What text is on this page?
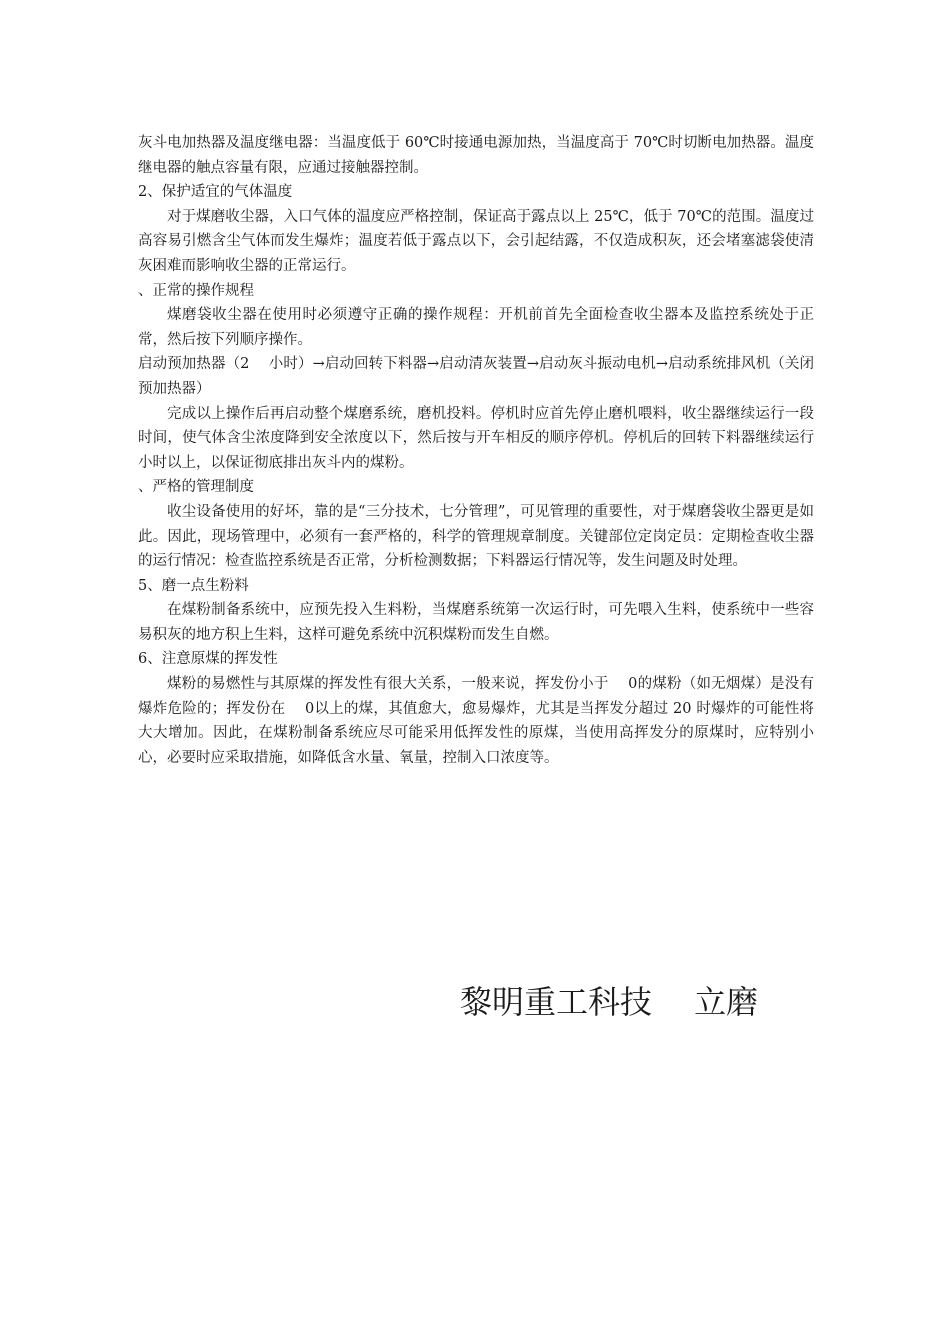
灰斗电加热器及温度继电器：当温度低于 60℃时接通电源加热，当温度高于 70℃时切断电加热器。温度继电器的触点容量有限，应通过接触器控制。

2、保护适宜的气体温度

对于煤磨收尘器，入口气体的温度应严格控制，保证高于露点以上 25℃，低于 70℃的范围。温度过高容易引燃含尘气体而发生爆炸；温度若低于露点以下，会引起结露，不仅造成积灰，还会堵塞滤袋使清灰困难而影响收尘器的正常运行。

、正常的操作规程

煤磨袋收尘器在使用时必须遵守正确的操作规程：开机前首先全面检查收尘器本及监控系统处于正常，然后按下列顺序操作。

启动预加热器（2　 小时）→启动回转下料器→启动清灰装置→启动灰斗振动电机→启动系统排风机（关闭预加热器）

完成以上操作后再启动整个煤磨系统，磨机投料。停机时应首先停止磨机喂料，收尘器继续运行一段时间，使气体含尘浓度降到安全浓度以下，然后按与开车相反的顺序停机。停机后的回转下料器继续运行　小时以上，以保证彻底排出灰斗内的煤粉。

、严格的管理制度

收尘设备使用的好坏，靠的是“三分技术，七分管理”，可见管理的重要性，对于煤磨袋收尘器更是如此。因此，现场管理中，必须有一套严格的，科学的管理规章制度。关键部位定岗定员：定期检查收尘器的运行情况：检查监控系统是否正常，分析检测数据；下料器运行情况等，发生问题及时处理。

5、磨一点生粉料

在煤粉制备系统中，应预先投入生料粉，当煤磨系统第一次运行时，可先喂入生料，使系统中一些容易积灰的地方积上生料，这样可避免系统中沉积煤粉而发生自燃。

6、注意原煤的挥发性

煤粉的易燃性与其原煤的挥发性有很大关系，一般来说，挥发份小于　 0的煤粉（如无烟煤）是没有爆炸危险的；挥发份在　 0以上的煤，其值愈大，愈易爆炸，尤其是当挥发分超过 20 时爆炸的可能性将大大增加。因此，在煤粉制备系统应尽可能采用低挥发性的原煤，当使用高挥发分的原煤时，应特别小心，必要时应采取措施，如降低含水量、氧量，控制入口浓度等。

黎明重工科技　 立磨
